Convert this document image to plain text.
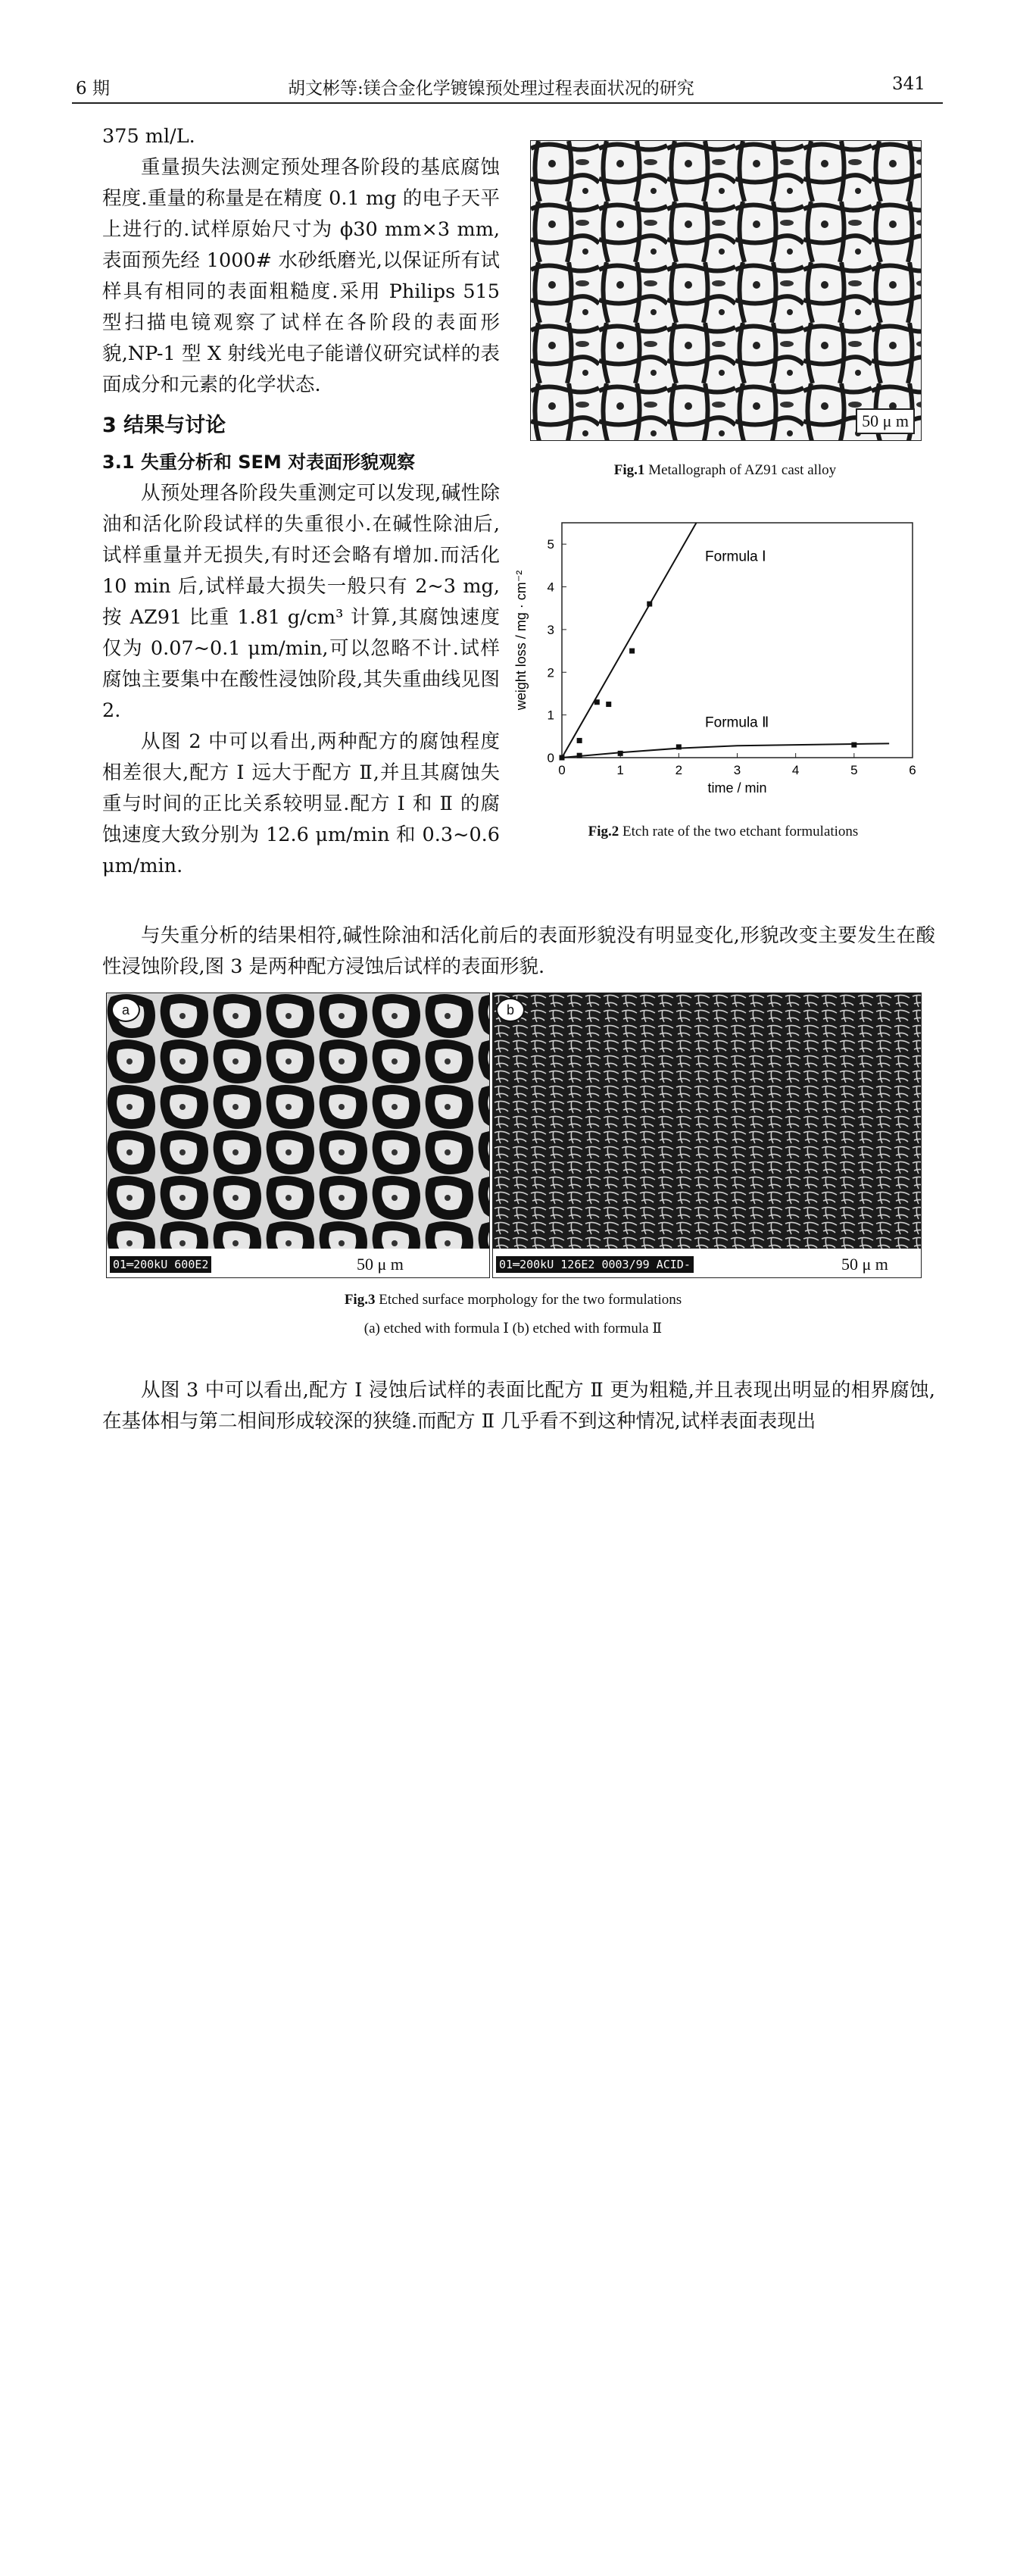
6 期	胡文彬等:镁合金化学镀镍预处理过程表面状况的研究	341

375 ml/L.

重量损失法测定预处理各阶段的基底腐蚀程度.重量的称量是在精度 0.1 mg 的电子天平上进行的.试样原始尺寸为 ϕ30 mm×3 mm,表面预先经 1000# 水砂纸磨光,以保证所有试样具有相同的表面粗糙度.采用 Philips 515 型扫描电镜观察了试样在各阶段的表面形貌,NP-1 型 X 射线光电子能谱仪研究试样的表面成分和元素的化学状态.

3 结果与讨论

3.1 失重分析和 SEM 对表面形貌观察

从预处理各阶段失重测定可以发现,碱性除油和活化阶段试样的失重很小.在碱性除油后,试样重量并无损失,有时还会略有增加.而活化 10 min 后,试样最大损失一般只有 2~3 mg,按 AZ91 比重 1.81 g/cm³ 计算,其腐蚀速度仅为 0.07~0.1 μm/min,可以忽略不计.试样腐蚀主要集中在酸性浸蚀阶段,其失重曲线见图 2.

从图 2 中可以看出,两种配方的腐蚀程度相差很大,配方 Ⅰ 远大于配方 Ⅱ,并且其腐蚀失重与时间的正比关系较明显.配方 Ⅰ 和 Ⅱ 的腐蚀速度大致分别为 12.6 μm/min 和 0.3~0.6 μm/min.

50 μ m
Fig.1 Metallograph of AZ91 cast alloy
0	1	2	3	4	5	6
0
1
2
3
4
5
time / min
weight loss / mg · cm⁻²
Formula Ⅰ
Formula Ⅱ
Fig.2 Etch rate of the two etchant formulations

与失重分析的结果相符,碱性除油和活化前后的表面形貌没有明显变化,形貌改变主要发生在酸性浸蚀阶段,图 3 是两种配方浸蚀后试样的表面形貌.

a
01═200kU 600E2	50 μ m
b
01═200kU 126E2 0003/99 ACID-	50 μ m
Fig.3 Etched surface morphology for the two formulations
(a) etched with formula Ⅰ (b) etched with formula Ⅱ

从图 3 中可以看出,配方 Ⅰ 浸蚀后试样的表面比配方 Ⅱ 更为粗糙,并且表现出明显的相界腐蚀,在基体相与第二相间形成较深的狭缝.而配方 Ⅱ 几乎看不到这种情况,试样表面表现出
